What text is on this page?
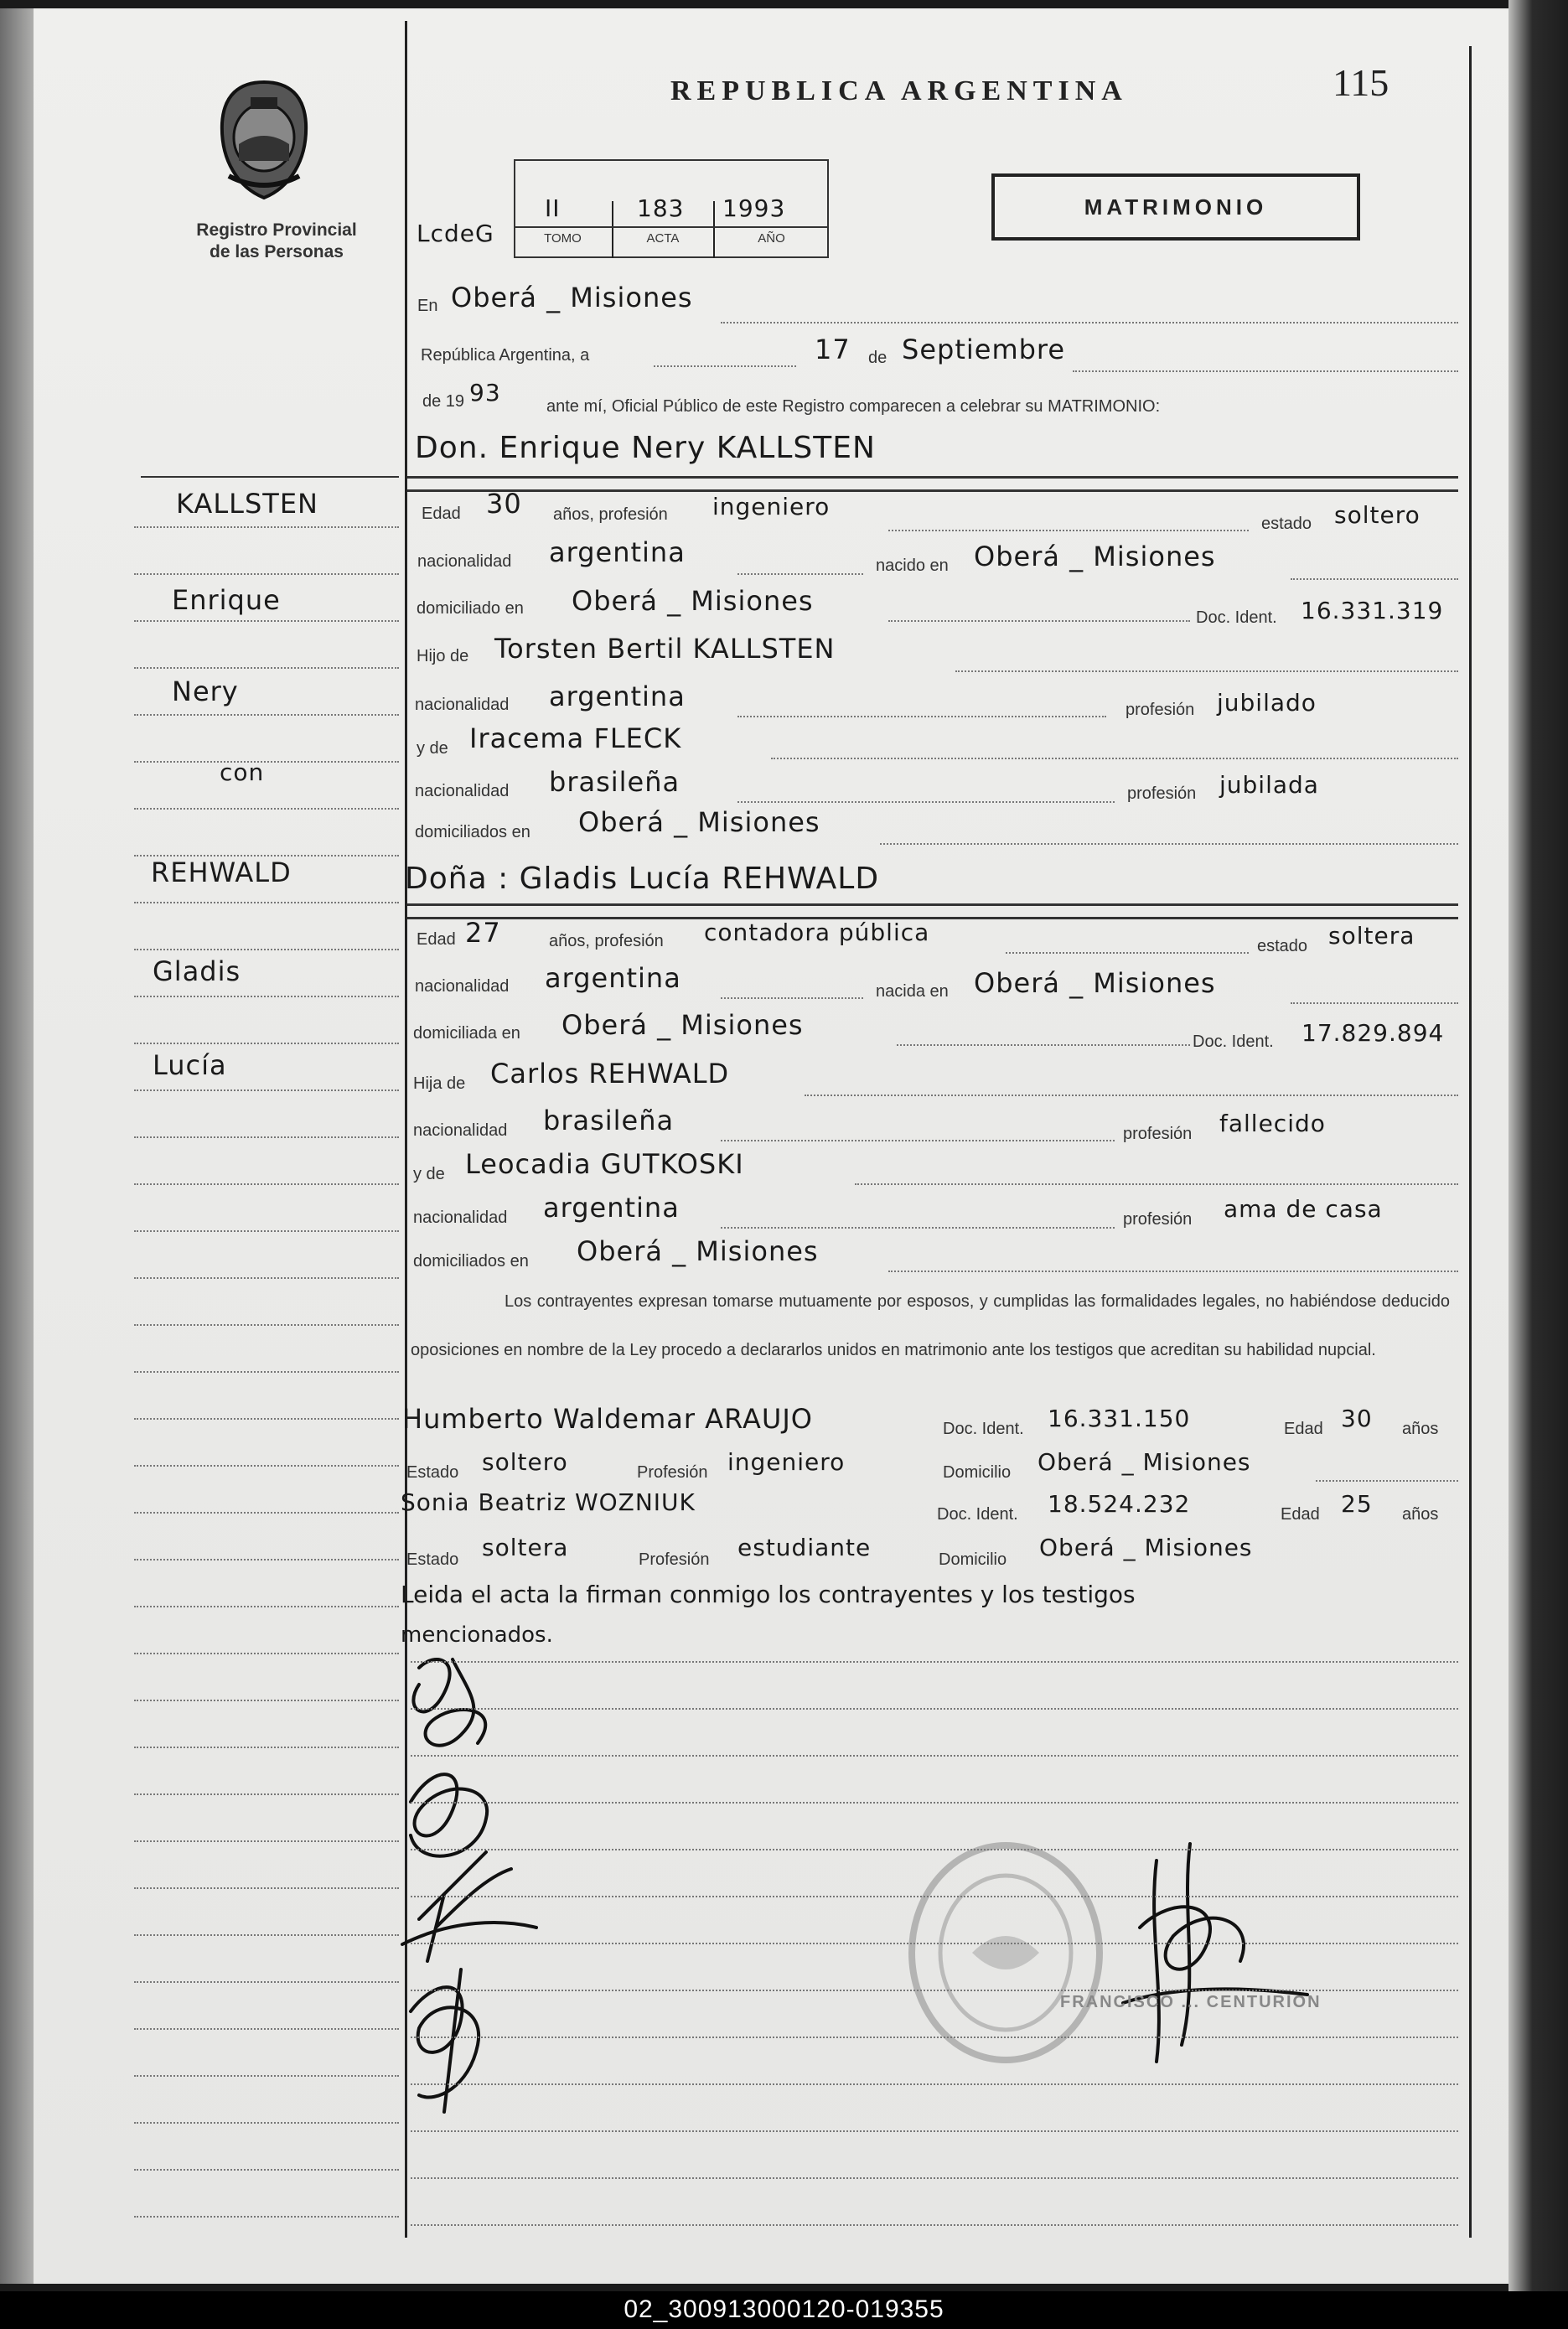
REPUBLICA ARGENTINA	115
Registro Provincial
de las Personas
MATRIMONIO
LcdeG
II	183 1993
TOMO	ACTA	AÑO
En Oberá _ Misiones
República Argentina, a	17 de Septiembre
de 19 93	ante mí, Oficial Público de este Registro comparecen a celebrar su MATRIMONIO:
Don. Enrique Nery KALLSTEN
Edad 30 años, profesión ingeniero
estado soltero
nacionalidad argentina	nacido en Oberá _ Misiones
domiciliado en Oberá _ Misiones
Doc. Ident. 16.331.319
Hijo de Torsten Bertil KALLSTEN
nacionalidad argentina	profesión jubilado
y de Iracema FLECK
nacionalidad brasileña	profesión jubilada
domiciliados en Oberá _ Misiones
Doña : Gladis Lucía REHWALD
Edad 27	años, profesión contadora pública	estado soltera
nacionalidad argentina	nacida en Oberá _ Misiones
domiciliada en Oberá _ Misiones
Doc. Ident. 17.829.894
Hija de Carlos REHWALD
nacionalidad brasileña	profesión fallecido
y de Leocadia GUTKOSKI
nacionalidad argentina	profesión ama de casa
domiciliados en Oberá _ Misiones
Los contrayentes expresan tomarse mutuamente por esposos, y cumplidas las formalidades legales, no habiéndose deducido oposiciones en nombre de la Ley procedo a declararlos unidos en matrimonio ante los testigos que acreditan su habilidad nupcial.
Humberto Waldemar ARAUJO	Doc. Ident. 16.331.150	Edad 30 años
Estado soltero	Profesión ingeniero	Domicilio Oberá _ Misiones
Sonia Beatriz WOZNIUK	Doc. Ident. 18.524.232	Edad 25 años
Estado soltera	Profesión estudiante	Domicilio Oberá _ Misiones
Leida el acta la firman conmigo los contrayentes y los testigos
mencionados.
KALLSTEN
Enrique
Nery
con
REHWALD
Gladis
Lucía
FRANCISCO ... CENTURION
02_300913000120-019355
